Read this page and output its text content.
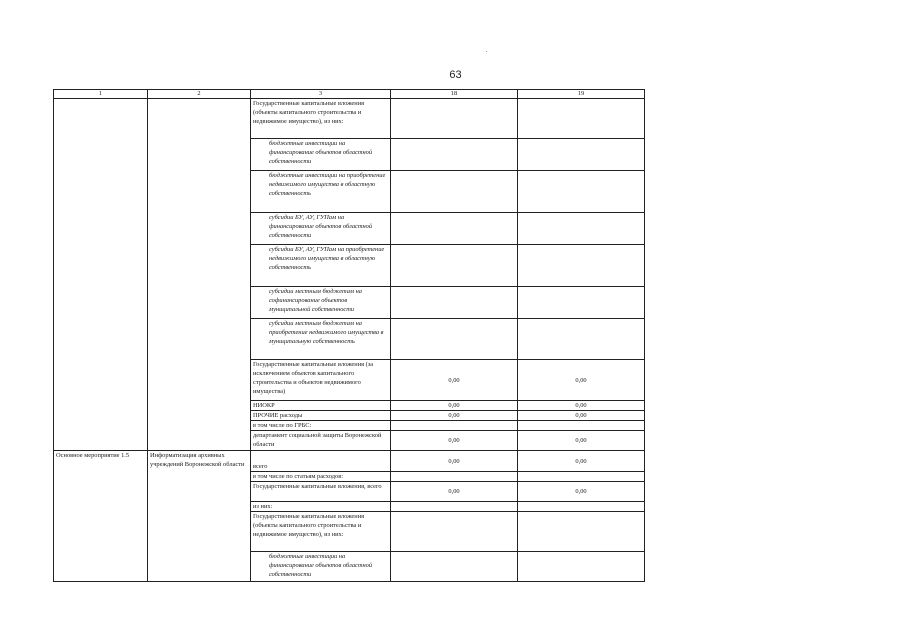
63
1	2	3	18	19
		Государственные капитальные вложения (объекты капитального строительства и недвижимое имущество), из них:		
		бюджетные инвестиции на финансирование объектов областной собственности		
		бюджетные инвестиции на приобретение недвижимого имущества в областную собственность		
		субсидии БУ, АУ, ГУПам на финансирование объектов областной собственности		
		субсидии БУ, АУ, ГУПам на приобретение недвижимого имущества в областную собственность		
		субсидии местным бюджетам на софинансирование объектов муниципальной собственности		
		субсидии местным бюджетам на приобретение недвижимого имущества в муниципальную собственность		
		Государственные капитальные вложения (за исключением объектов капитального строительства и объектов недвижимого имущества)	0,00	0,00
		НИОКР	0,00	0,00
		ПРОЧИЕ расходы	0,00	0,00
		в том числе по ГРБС:		
		департамент социальной защиты Воронежской области	0,00	0,00
Основное мероприятие 1.5	Информатизация архивных учреждений Воронежской области	всего	0,00	0,00
		в том числе по статьям расходов:		
		Государственные капитальные вложения, всего	0,00	0,00
		из них:		
		Государственные капитальные вложения (объекты капитального строительства и недвижимое имущество), из них:		
		бюджетные инвестиции на финансирование объектов областной собственности		
